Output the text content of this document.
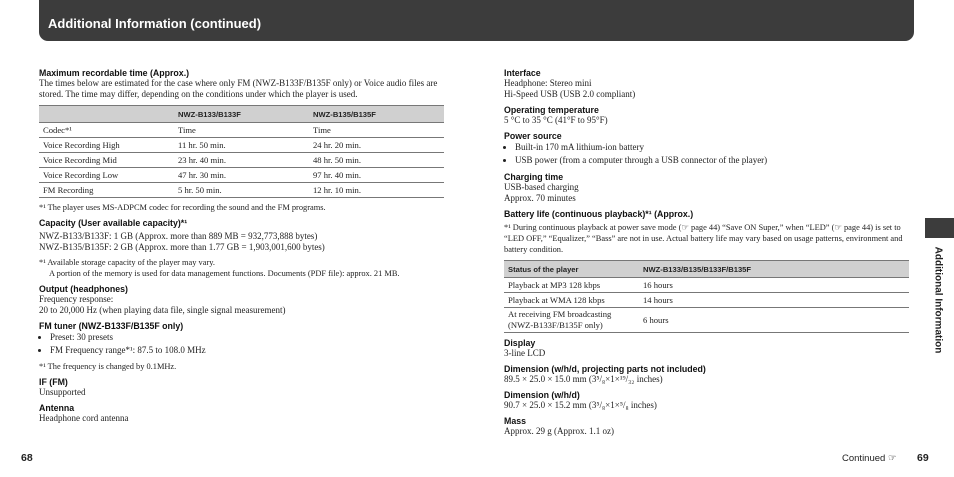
Additional Information (continued)
Maximum recordable time (Approx.)

The times below are estimated for the case where only FM (NWZ-B133F/B135F only) or Voice audio files are stored. The time may differ, depending on the conditions under which the player is used.

	NWZ-B133/B133F	NWZ-B135/B135F
Codec*¹	Time	Time
Voice Recording High	11 hr. 50 min.	24 hr. 20 min.
Voice Recording Mid	23 hr. 40 min.	48 hr. 50 min.
Voice Recording Low	47 hr. 30 min.	97 hr. 40 min.
FM Recording	5 hr. 50 min.	12 hr. 10 min.

*¹ The player uses MS-ADPCM codec for recording the sound and the FM programs.

Capacity (User available capacity)*¹

NWZ-B133/B133F: 1 GB (Approx. more than 889 MB = 932,773,888 bytes)

NWZ-B135/B135F: 2 GB (Approx. more than 1.77 GB = 1,903,001,600 bytes)

*¹ Available storage capacity of the player may vary.

A portion of the memory is used for data management functions. Documents (PDF file): approx. 21 MB.

Output (headphones)

Frequency response:

20 to 20,000 Hz (when playing data file, single signal measurement)

FM tuner (NWZ-B133F/B135F only)
• Preset: 30 presets
• FM Frequency range*¹: 87.5 to 108.0 MHz

*¹ The frequency is changed by 0.1MHz.

IF (FM)

Unsupported

Antenna

Headphone cord antenna

Interface

Headphone: Stereo mini

Hi-Speed USB (USB 2.0 compliant)

Operating temperature

5 °C to 35 °C (41°F to 95°F)

Power source
• Built-in 170 mA lithium-ion battery
• USB power (from a computer through a USB connector of the player)
Charging time

USB-based charging

Approx. 70 minutes

Battery life (continuous playback)*¹ (Approx.)

*¹ During continuous playback at power save mode (☞ page 44) “Save ON Super,” when “LED” (☞ page 44) is set to “LED OFF,” “Equalizer,” “Bass” are not in use. Actual battery life may vary based on usage patterns, environment and battery condition.

Status of the player	NWZ-B133/B135/B133F/B135F
Playback at MP3 128 kbps	16 hours
Playback at WMA 128 kbps	14 hours
At receiving FM broadcasting (NWZ-B133F/B135F only)	6 hours
Display

3-line LCD

Dimension (w/h/d, projecting parts not included)

89.5 × 25.0 × 15.0 mm (3⁵/₈×1×¹⁹/₃₂ inches)

Dimension (w/h/d)

90.7 × 25.0 × 15.2 mm (3⁵/₈×1×⁵/₈ inches)

Mass

Approx. 29 g (Approx. 1.1 oz)

Additional Information
68	Continued ☞ 69
